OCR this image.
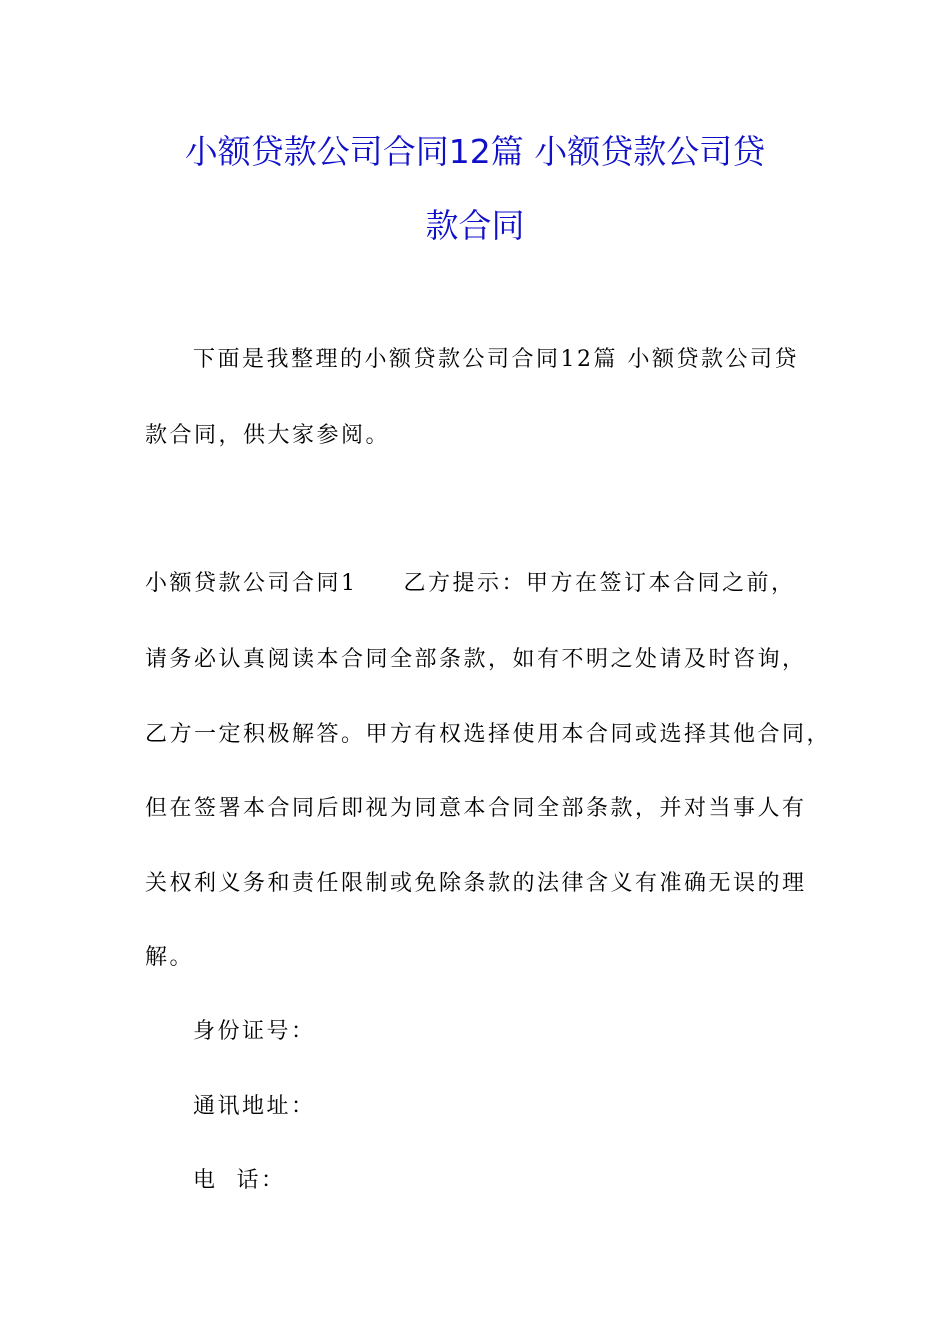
小额贷款公司合同12篇 小额贷款公司贷
款合同
下面是我整理的小额贷款公司合同12篇 小额贷款公司贷
款合同，供大家参阅。
小额贷款公司合同1 乙方提示：甲方在签订本合同之前，
请务必认真阅读本合同全部条款，如有不明之处请及时咨询，
乙方一定积极解答。甲方有权选择使用本合同或选择其他合同，
但在签署本合同后即视为同意本合同全部条款，并对当事人有
关权利义务和责任限制或免除条款的法律含义有准确无误的理
解。
身份证号：
通讯地址：
电  话：
